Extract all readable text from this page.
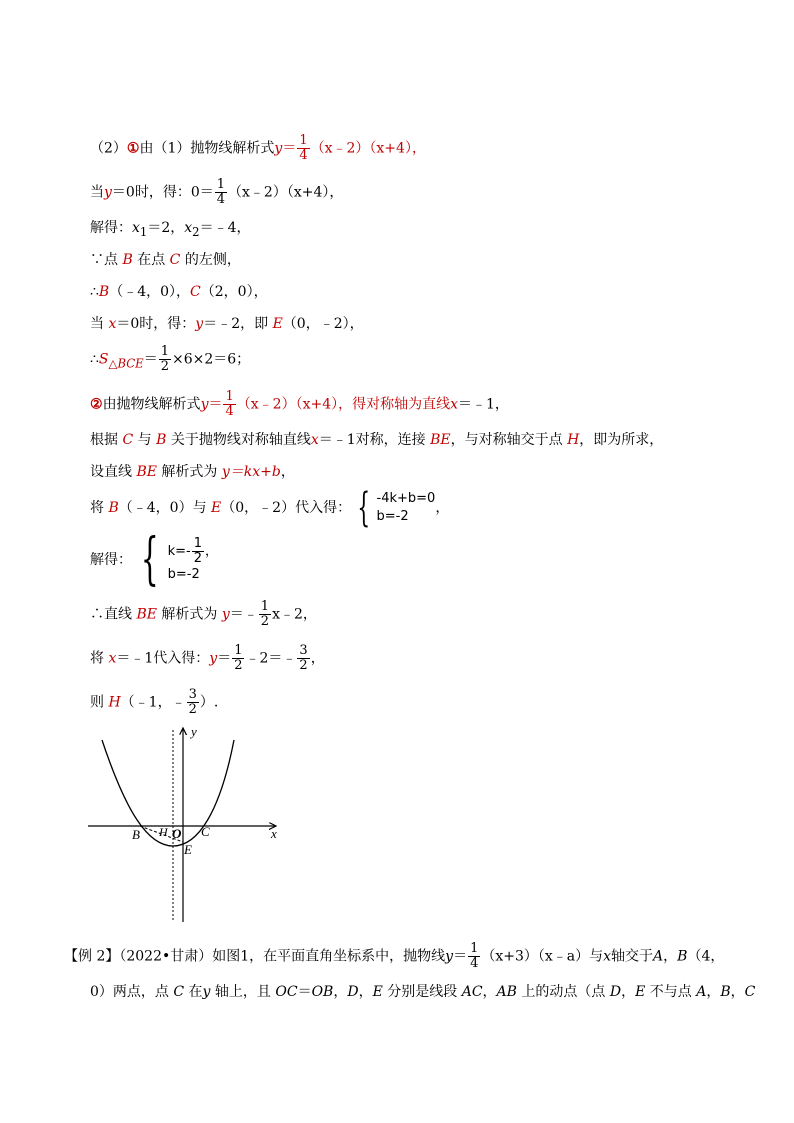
（2）①由（1）抛物线解析式$y= \frac{1}{4}$ （x﹣2）（x+4），
当y＝0时，得：$0= \frac{1}{4}$ （x﹣2）（x+4），
解得：$x_1=2$，$x_2=﹣4$，
∵点 B 在点 C 的左侧，
∴B（﹣4，0），C（2，0），
当 x＝0时，得：y＝﹣2，即 E（0，﹣2），
$\therefore S_{\triangle BCE}= \frac{1}{2} \times 6\times 2=6$；
②由抛物线解析式$y= \frac{1}{4}$ （x﹣2）（x+4），得对称轴为直线x＝﹣1，
根据 C 与 B 关于抛物线对称轴直线x＝﹣1对称，连接 BE，与对称轴交于点 H，即为所求，
设直线 BE 解析式为 y＝kx+b，
将 B（﹣4，0）与 E（0，﹣2）代入得： { -4k+b=0
b=-2
，
解得： { $k=- \frac{1}{2}$ ，
b=-2
∴直线 BE 解析式为 y＝﹣ $\frac{1}{2}$ x﹣2，
将 x＝﹣1代入得：$y= \frac{1}{2}$ ﹣2＝﹣ $\frac{3}{2}$ ，
则 H（﹣1，﹣ $\frac{3}{2}$ ）.
y
x
B H O C
E
【例 2】（2022•甘肃）如图1，在平面直角坐标系中，抛物线$y= \frac{1}{4}$ （x+3）（x﹣a）与x轴交于A，B（4，
0）两点，点 C 在y 轴上，且 OC＝OB，D，E 分别是线段 AC，AB 上的动点（点 D，E 不与点 A，B，C
